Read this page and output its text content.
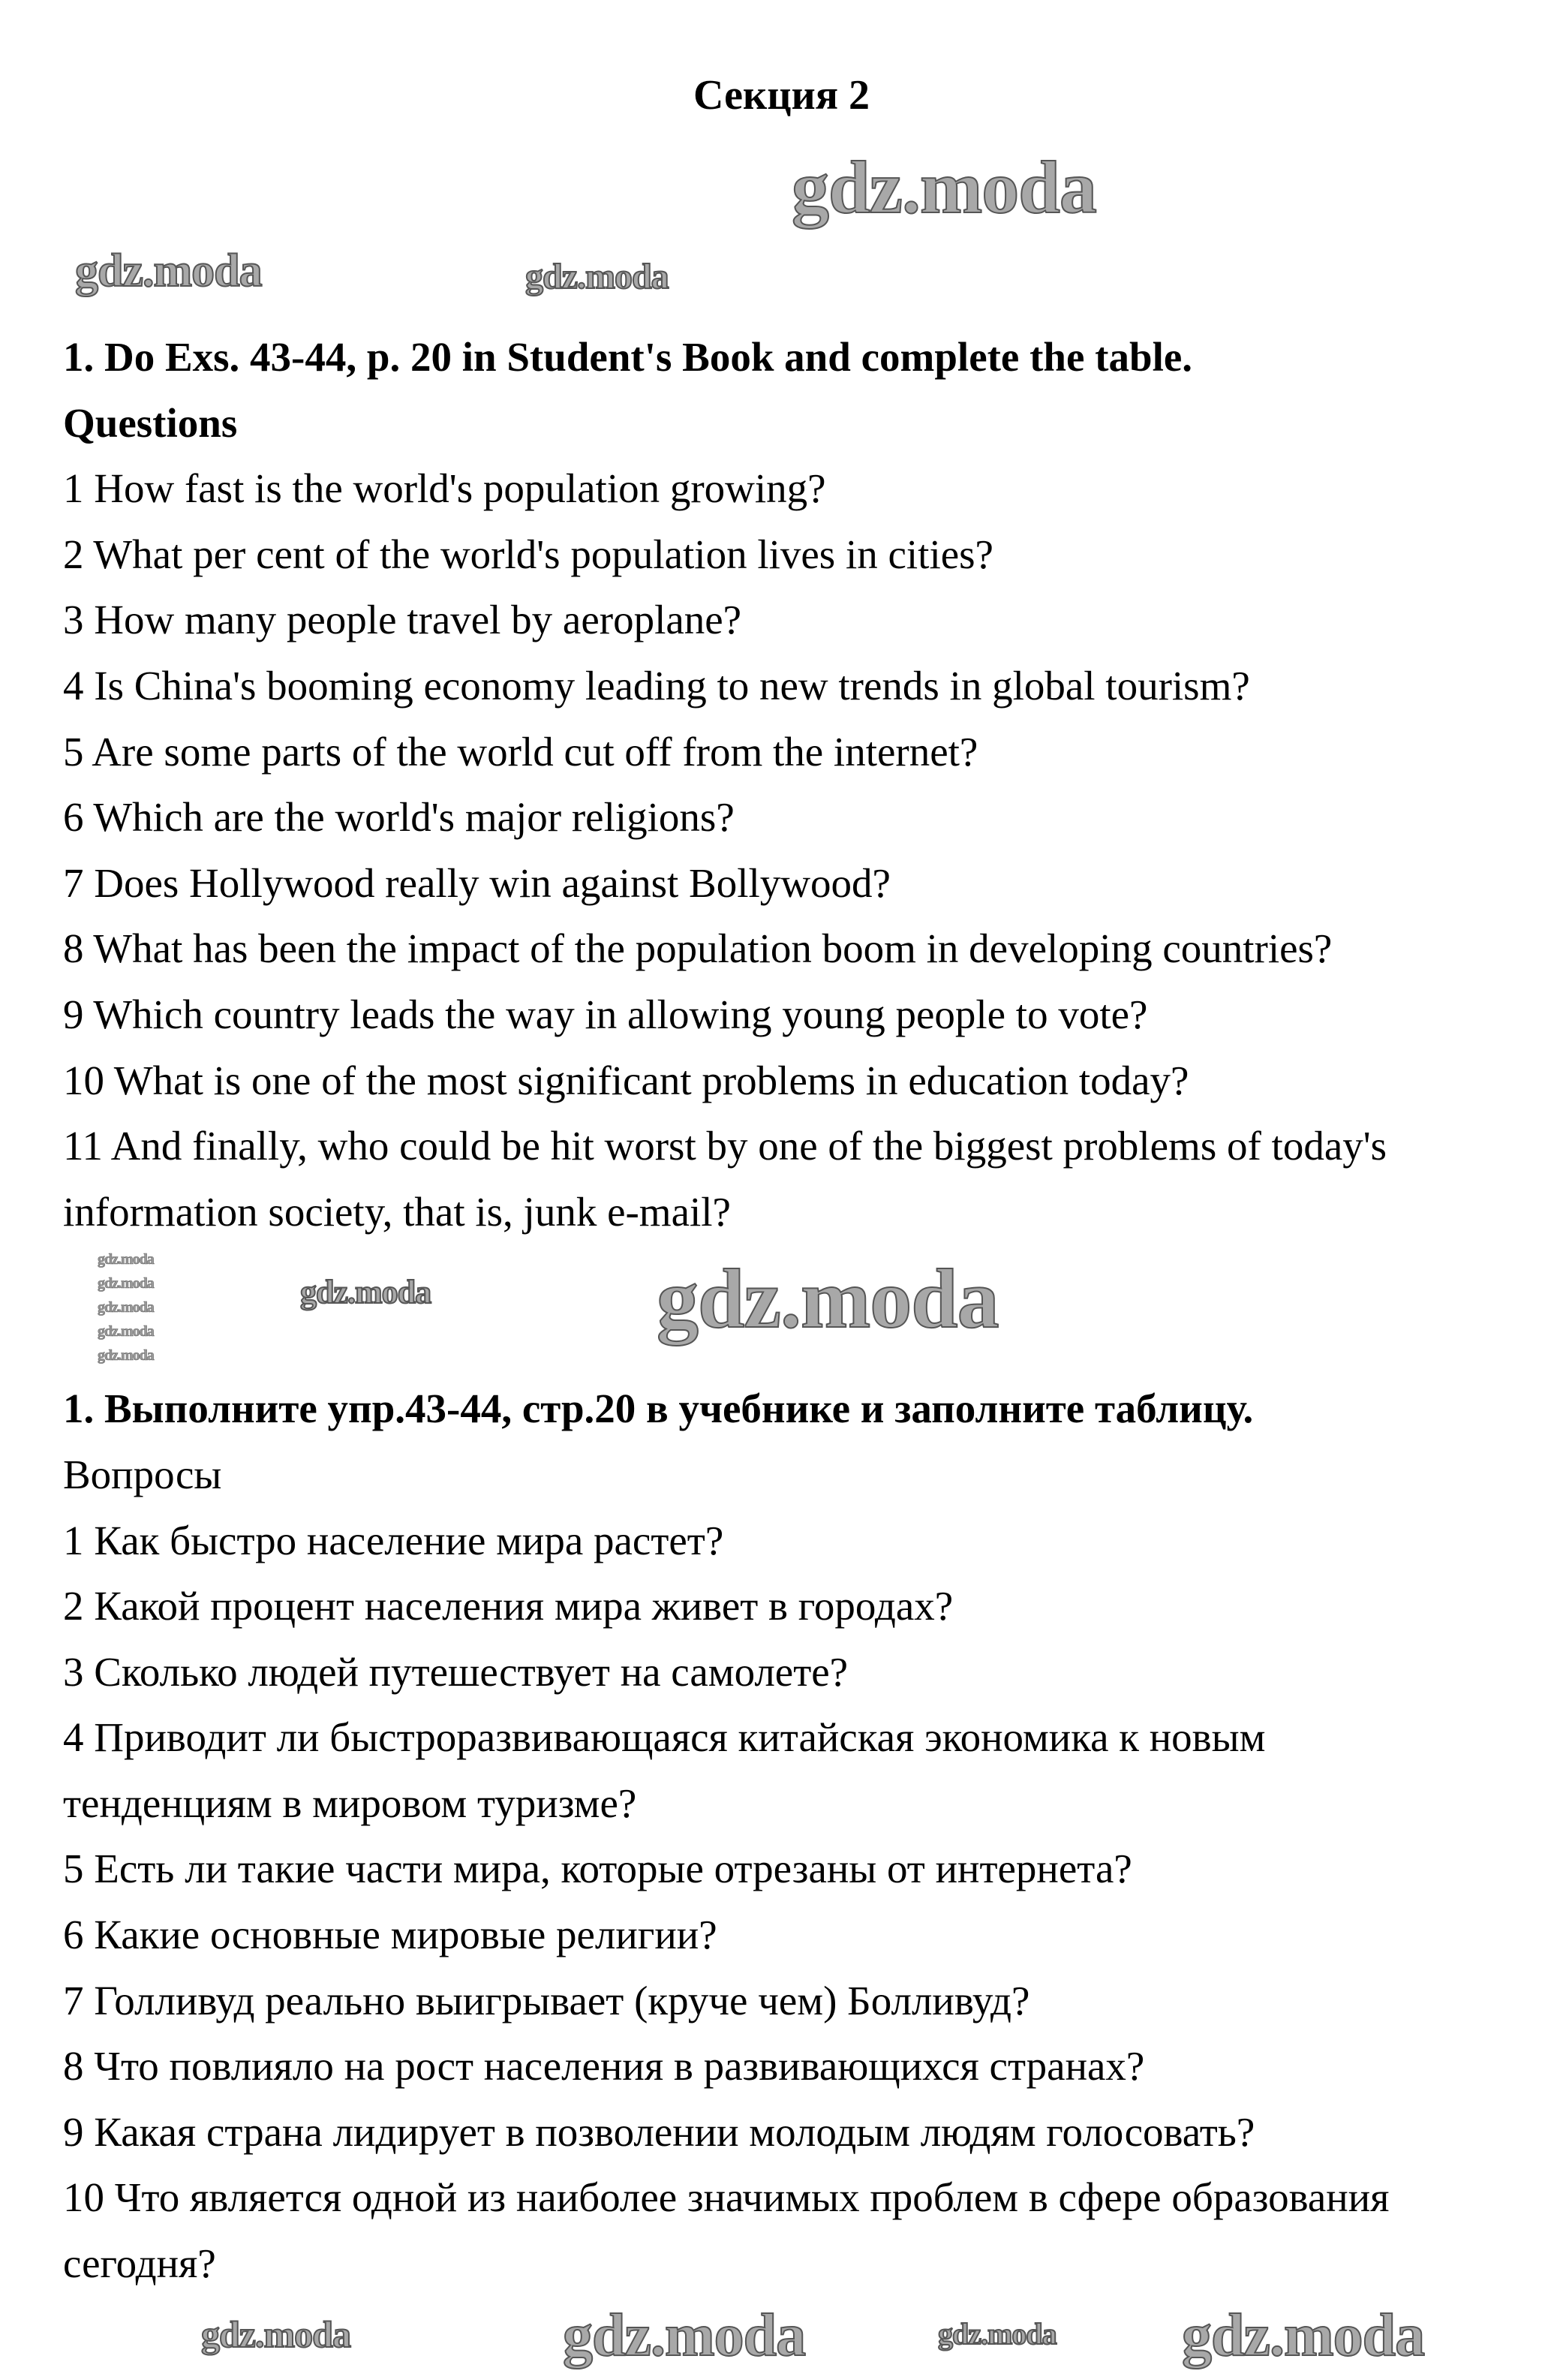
Секция 2
1. Do Exs. 43-44, p. 20 in Student's Book and complete the table.
Questions
1 How fast is the world's population growing?
2 What per cent of the world's population lives in cities?
3 How many people travel by aeroplane?
4 Is China's booming economy leading to new trends in global tourism?
5 Are some parts of the world cut off from the internet?
6 Which are the world's major religions?
7 Does Hollywood really win against Bollywood?
8 What has been the impact of the population boom in developing countries?
9 Which country leads the way in allowing young people to vote?
10 What is one of the most significant problems in education today?
11 And finally, who could be hit worst by one of the biggest problems of today's
information society, that is, junk e-mail?
1. Выполните упр.43-44, стр.20 в учебнике и заполните таблицу.
Вопросы
1 Как быстро население мира растет?
2 Какой процент населения мира живет в городах?
3 Сколько людей путешествует на самолете?
4 Приводит ли быстроразвивающаяся китайская экономика к новым
тенденциям в мировом туризме?
5 Есть ли такие части мира, которые отрезаны от интернета?
6 Какие основные мировые религии?
7 Голливуд реально выигрывает (круче чем) Болливуд?
8 Что повлияло на рост населения в развивающихся странах?
9 Какая страна лидирует в позволении молодым людям голосовать?
10 Что является одной из наиболее значимых проблем в сфере образования
сегодня?
gdz.moda	gdz.moda
gdz.moda
gdz.moda
gdz.moda
gdz.moda
gdz.moda
gdz.moda
gdz.moda	gdz.moda
gdz.moda	gdz.moda	gdz.moda gdz.moda
